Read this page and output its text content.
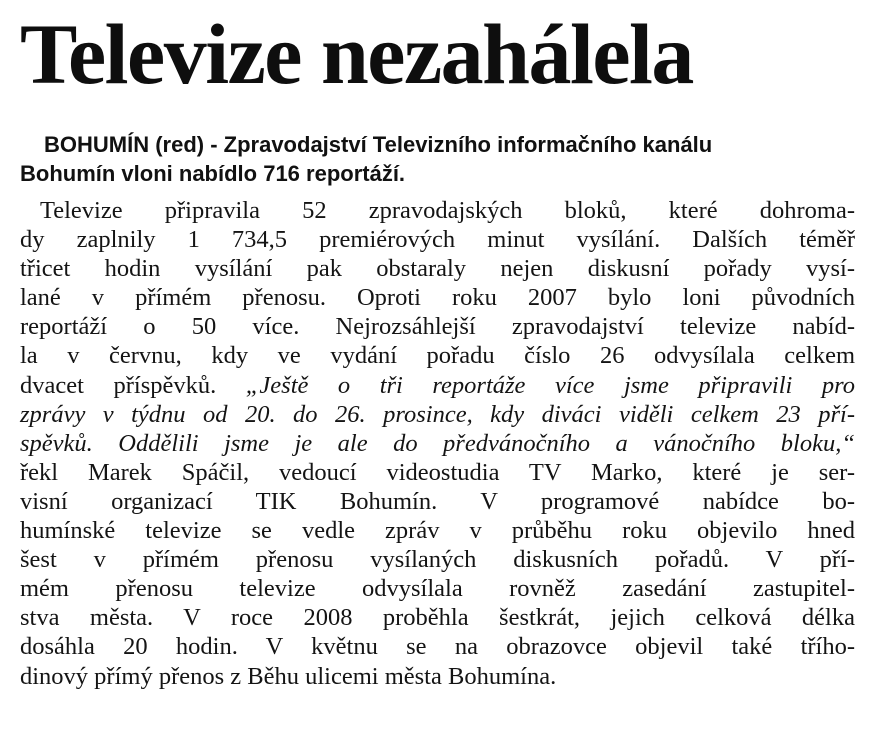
Televize nezahálela
BOHUMÍN (red) - Zpravodajství Televizního informačního kanálu
Bohumín vloni nabídlo 716 reportáží.
Televize připravila 52 zpravodajských bloků, které dohroma-
dy zaplnily 1 734,5 premiérových minut vysílání. Dalších téměř
třicet hodin vysílání pak obstaraly nejen diskusní pořady vysí-
lané v přímém přenosu. Oproti roku 2007 bylo loni původních
reportáží o 50 více. Nejrozsáhlejší zpravodajství televize nabíd-
la v červnu, kdy ve vydání pořadu číslo 26 odvysílala celkem
dvacet příspěvků. „Ještě o tři reportáže více jsme připravili pro
zprávy v týdnu od 20. do 26. prosince, kdy diváci viděli celkem 23 pří-
spěvků. Oddělili jsme je ale do předvánočního a vánočního bloku,“
řekl Marek Spáčil, vedoucí videostudia TV Marko, které je ser-
visní organizací TIK Bohumín. V programové nabídce bo-
humínské televize se vedle zpráv v průběhu roku objevilo hned
šest v přímém přenosu vysílaných diskusních pořadů. V pří-
mém přenosu televize odvysílala rovněž zasedání zastupitel-
stva města. V roce 2008 proběhla šestkrát, jejich celková délka
dosáhla 20 hodin. V květnu se na obrazovce objevil také třího-
dinový přímý přenos z Běhu ulicemi města Bohumína.
